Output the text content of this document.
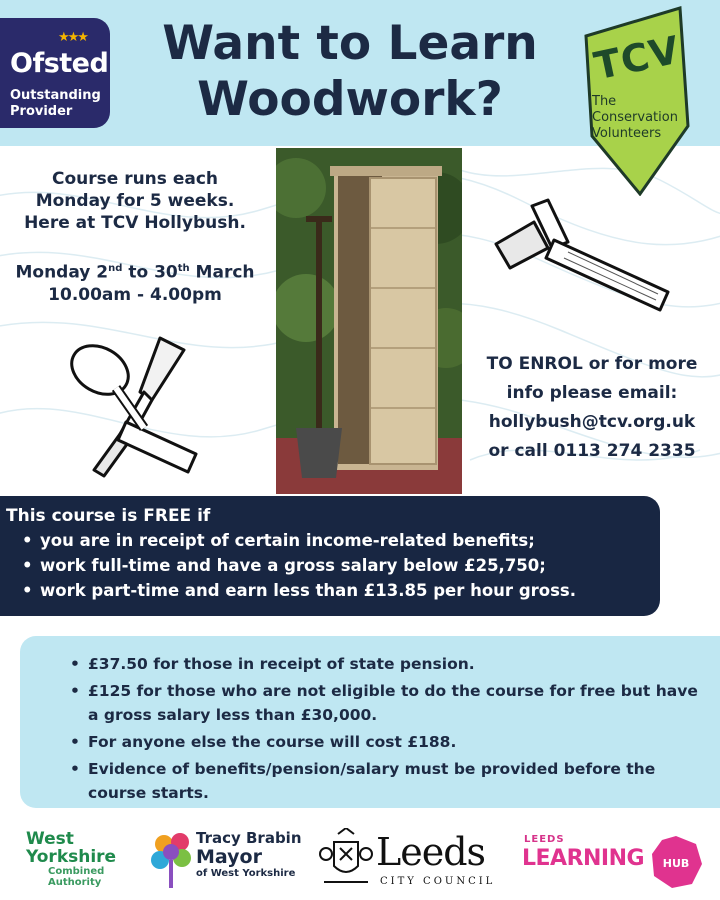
★★★
Ofsted
Outstanding
Provider
Want to Learn
Woodwork?
TCV
The
Conservation
Volunteers
Course runs each
Monday for 5 weeks.
Here at TCV Hollybush.
Monday 2nd to 30th March
10.00am - 4.00pm
TO ENROL or for more
info please email:
hollybush@tcv.org.uk
or call 0113 274 2335
This course is FREE if
• you are in receipt of certain income-related benefits;
• work full-time and have a gross salary below £25,750;
• work part-time and earn less than £13.85 per hour gross.
• £37.50 for those in receipt of state pension.
• £125 for those who are not eligible to do the course for free but have a gross salary less than £30,000.
• For anyone else the course will cost £188.
• Evidence of benefits/pension/salary must be provided before the course starts.
West
Yorkshire
Combined
Authority
Tracy Brabin
Mayor
of West Yorkshire Leeds
CITY COUNCIL
LEEDS
LEARNING HUB
